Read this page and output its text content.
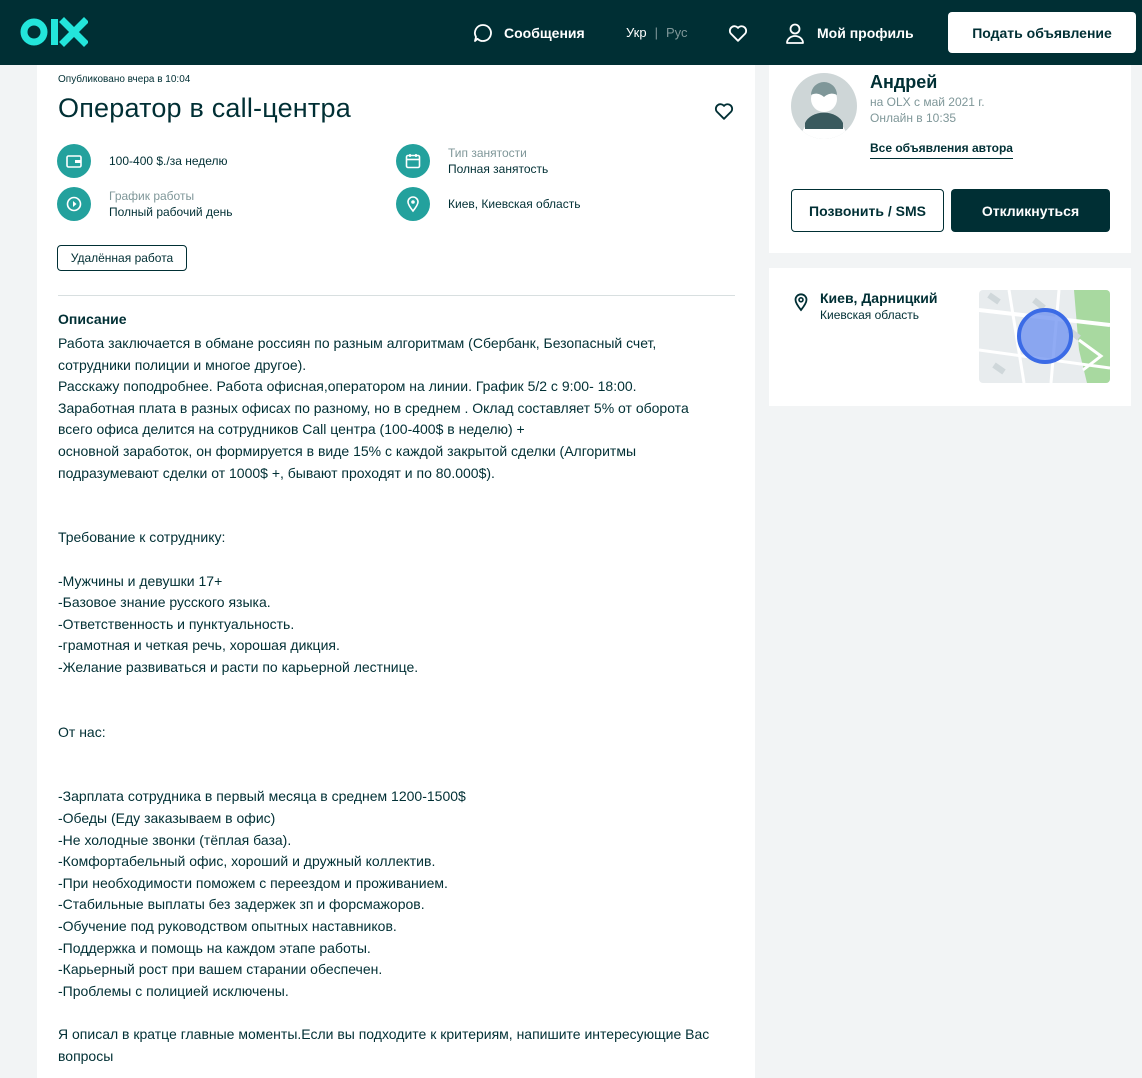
Сообщения	Укр | Рус	Мой профиль	Подать объявление
Опубликовано вчера в 10:04
Оператор в call-центра
100-400 $./за неделю
Тип занятости
Полная занятость
График работы
Полный рабочий день
Киев, Киевская область
Удалённая работа
Описание
Работа заключается в обмане россиян по разным алгоритмам (Сбербанк, Безопасный счет,
сотрудники полиции и многое другое).
Расскажу поподробнее. Работа офисная,оператором на линии. График 5/2 с 9:00- 18:00.
Заработная плата в разных офисах по разному, но в среднем . Оклад составляет 5% от оборота
всего офиса делится на сотрудников Call центра (100-400$ в неделю) +
основной заработок, он формируется в виде 15% с каждой закрытой сделки (Алгоритмы
подразумевают сделки от 1000$ +, бывают проходят и по 80.000$).
Требование к сотруднику:
-Мужчины и девушки 17+
-Базовое знание русского языка.
-Ответственность и пунктуальность.
-грамотная и четкая речь, хорошая дикция.
-Желание развиваться и расти по карьерной лестнице.
От нас:
-Зарплата сотрудника в первый месяца в среднем 1200-1500$
-Обеды (Еду заказываем в офис)
-Не холодные звонки (тёплая база).
-Комфортабельный офис, хороший и дружный коллектив.
-При необходимости поможем с переездом и проживанием.
-Стабильные выплаты без задержек зп и форсмажоров.
-Обучение под руководством опытных наставников.
-Поддержка и помощь на каждом этапе работы.
-Карьерный рост при вашем старании обеспечен.
-Проблемы с полицией исключены.
Я описал в кратце главные моменты.Если вы подходите к критериям, напишите интересующие Вас
вопросы
Андрей
на OLX с май 2021 г.
Онлайн в 10:35
Все объявления автора
Позвонить / SMS	Откликнуться
Киев, Дарницкий
Киевская область
